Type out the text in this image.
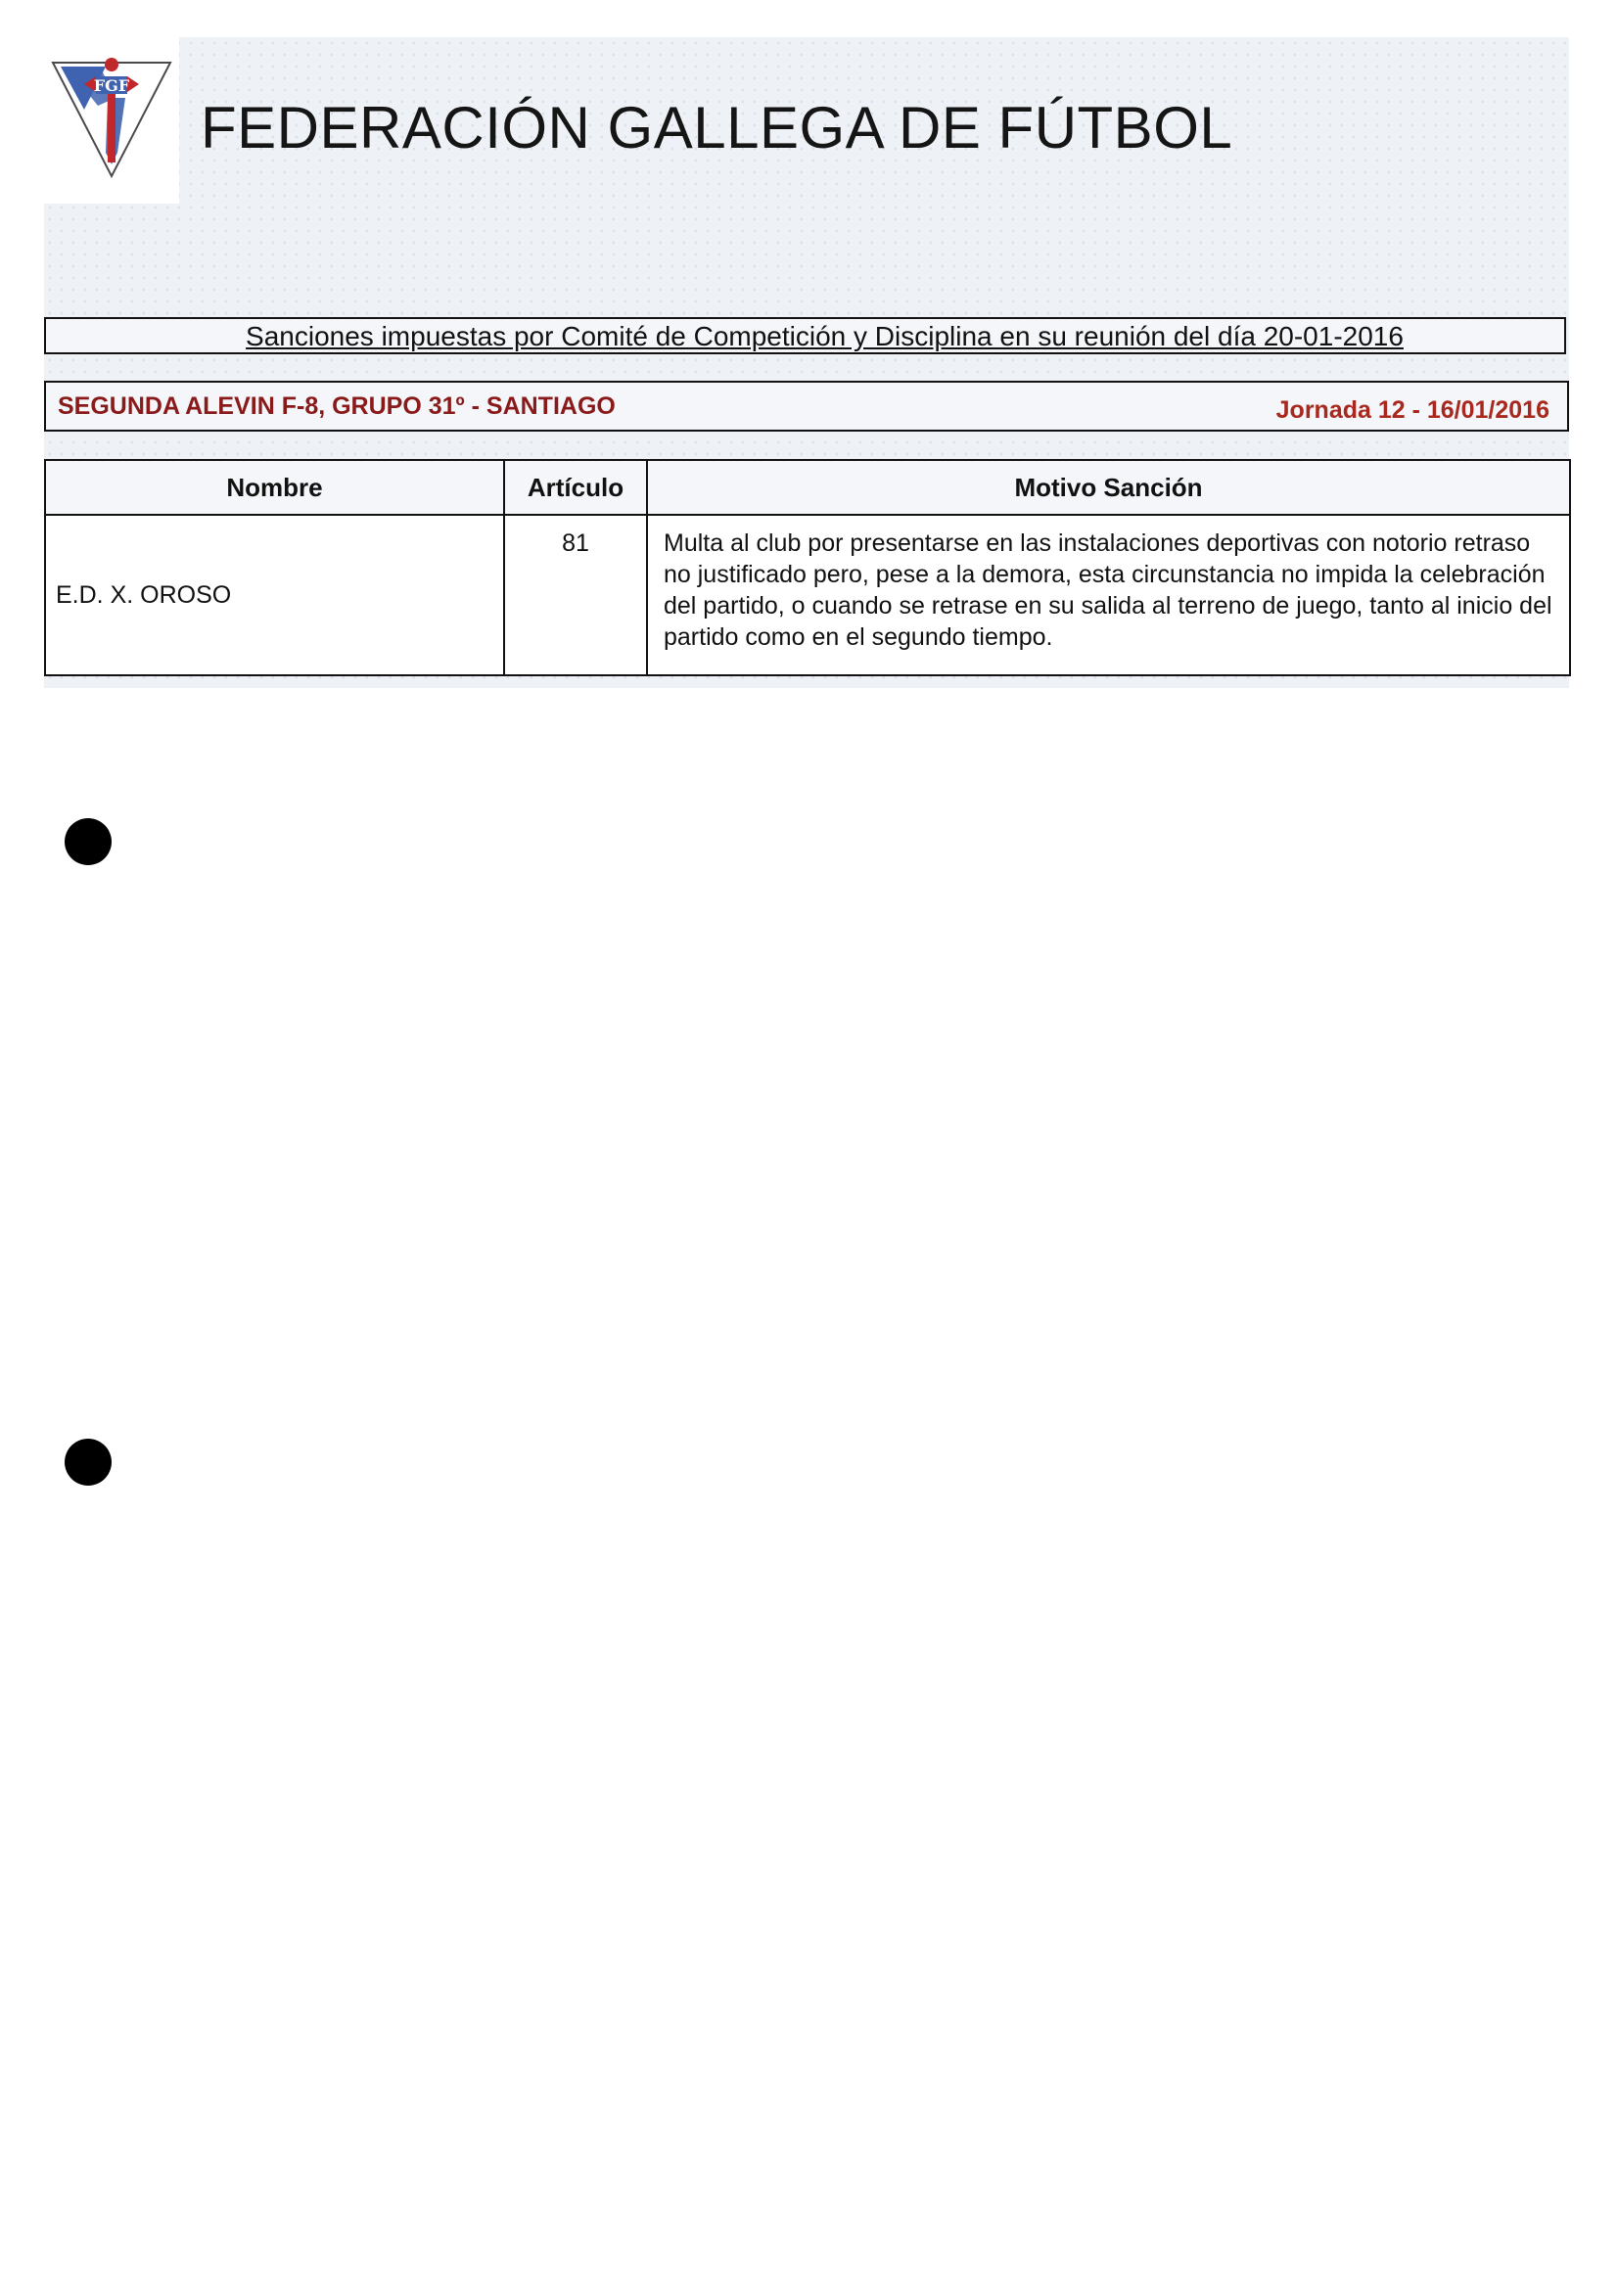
FGF
FEDERACIÓN GALLEGA DE FÚTBOL
Sanciones impuestas por Comité de Competición y Disciplina en su reunión del día 20-01-2016
SEGUNDA ALEVIN F-8, GRUPO 31º - SANTIAGO	Jornada 12 - 16/01/2016
Nombre	Artículo	Motivo Sanción
E.D. X. OROSO	81	Multa al club por presentarse en las instalaciones deportivas con notorio retraso no justificado pero, pese a la demora, esta circunstancia no impida la celebración del partido, o cuando se retrase en su salida al terreno de juego, tanto al inicio del partido como en el segundo tiempo.
